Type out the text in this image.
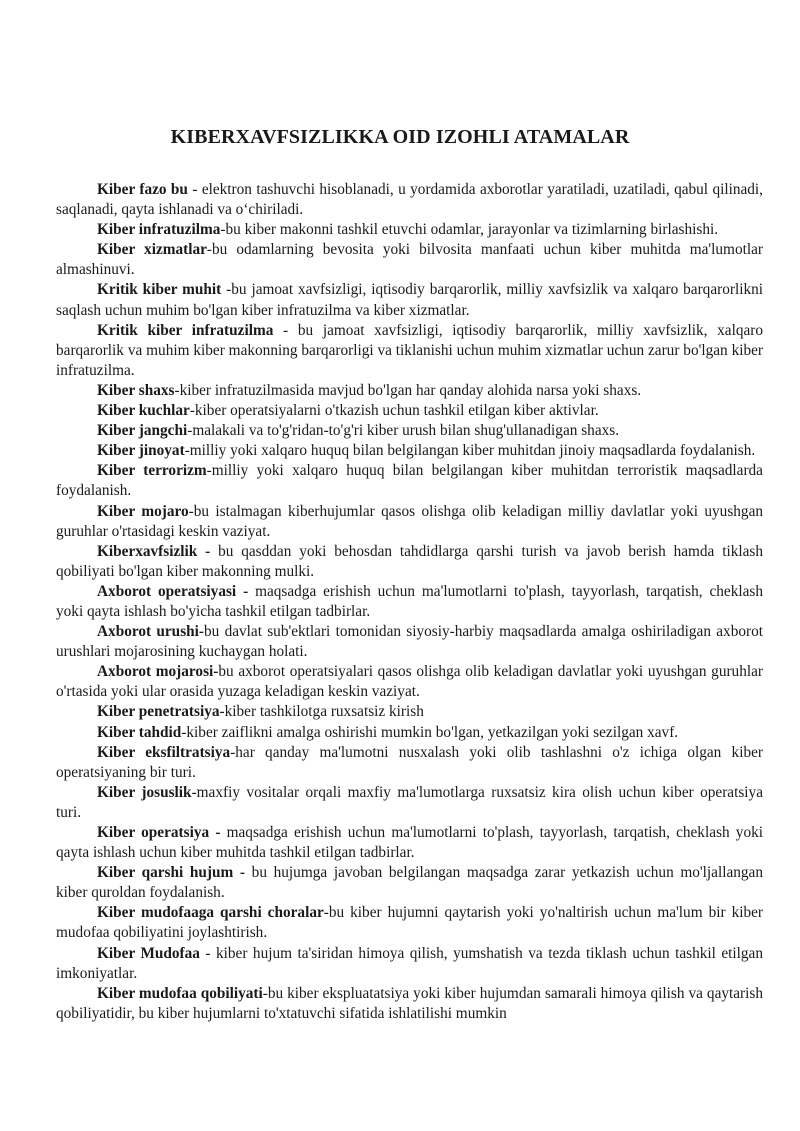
KIBERXAVFSIZLIKKA OID IZOHLI ATAMALAR

Kiber fazo bu - elektron tashuvchi hisoblanadi, u yordamida axborotlar yaratiladi, uzatiladi, qabul qilinadi, saqlanadi, qayta ishlanadi va o‘chiriladi.

Kiber infratuzilma-bu kiber makonni tashkil etuvchi odamlar, jarayonlar va tizimlarning birlashishi.

Kiber xizmatlar-bu odamlarning bevosita yoki bilvosita manfaati uchun kiber muhitda ma'lumotlar almashinuvi.

Kritik kiber muhit -bu jamoat xavfsizligi, iqtisodiy barqarorlik, milliy xavfsizlik va xalqaro barqarorlikni saqlash uchun muhim bo'lgan kiber infratuzilma va kiber xizmatlar.

Kritik kiber infratuzilma - bu jamoat xavfsizligi, iqtisodiy barqarorlik, milliy xavfsizlik, xalqaro barqarorlik va muhim kiber makonning barqarorligi va tiklanishi uchun muhim xizmatlar uchun zarur bo'lgan kiber infratuzilma.

Kiber shaxs-kiber infratuzilmasida mavjud bo'lgan har qanday alohida narsa yoki shaxs.

Kiber kuchlar-kiber operatsiyalarni o'tkazish uchun tashkil etilgan kiber aktivlar.

Kiber jangchi-malakali va to'g'ridan-to'g'ri kiber urush bilan shug'ullanadigan shaxs.

Kiber jinoyat-milliy yoki xalqaro huquq bilan belgilangan kiber muhitdan jinoiy maqsadlarda foydalanish.

Kiber terrorizm-milliy yoki xalqaro huquq bilan belgilangan kiber muhitdan terroristik maqsadlarda foydalanish.

Kiber mojaro-bu istalmagan kiberhujumlar qasos olishga olib keladigan milliy davlatlar yoki uyushgan guruhlar o'rtasidagi keskin vaziyat.

Kiberxavfsizlik - bu qasddan yoki behosdan tahdidlarga qarshi turish va javob berish hamda tiklash qobiliyati bo'lgan kiber makonning mulki.

Axborot operatsiyasi - maqsadga erishish uchun ma'lumotlarni to'plash, tayyorlash, tarqatish, cheklash yoki qayta ishlash bo'yicha tashkil etilgan tadbirlar.

Axborot urushi-bu davlat sub'ektlari tomonidan siyosiy-harbiy maqsadlarda amalga oshiriladigan axborot urushlari mojarosining kuchaygan holati.

Axborot mojarosi-bu axborot operatsiyalari qasos olishga olib keladigan davlatlar yoki uyushgan guruhlar o'rtasida yoki ular orasida yuzaga keladigan keskin vaziyat.

Kiber penetratsiya-kiber tashkilotga ruxsatsiz kirish

Kiber tahdid-kiber zaiflikni amalga oshirishi mumkin bo'lgan, yetkazilgan yoki sezilgan xavf.

Kiber eksfiltratsiya-har qanday ma'lumotni nusxalash yoki olib tashlashni o'z ichiga olgan kiber operatsiyaning bir turi.

Kiber josuslik-maxfiy vositalar orqali maxfiy ma'lumotlarga ruxsatsiz kira olish uchun kiber operatsiya turi.

Kiber operatsiya - maqsadga erishish uchun ma'lumotlarni to'plash, tayyorlash, tarqatish, cheklash yoki qayta ishlash uchun kiber muhitda tashkil etilgan tadbirlar.

Kiber qarshi hujum - bu hujumga javoban belgilangan maqsadga zarar yetkazish uchun mo'ljallangan kiber quroldan foydalanish.

Kiber mudofaaga qarshi choralar-bu kiber hujumni qaytarish yoki yo'naltirish uchun ma'lum bir kiber mudofaa qobiliyatini joylashtirish.

Kiber Mudofaa - kiber hujum ta'siridan himoya qilish, yumshatish va tezda tiklash uchun tashkil etilgan imkoniyatlar.

Kiber mudofaa qobiliyati-bu kiber ekspluatatsiya yoki kiber hujumdan samarali himoya qilish va qaytarish qobiliyatidir, bu kiber hujumlarni to'xtatuvchi sifatida ishlatilishi mumkin
